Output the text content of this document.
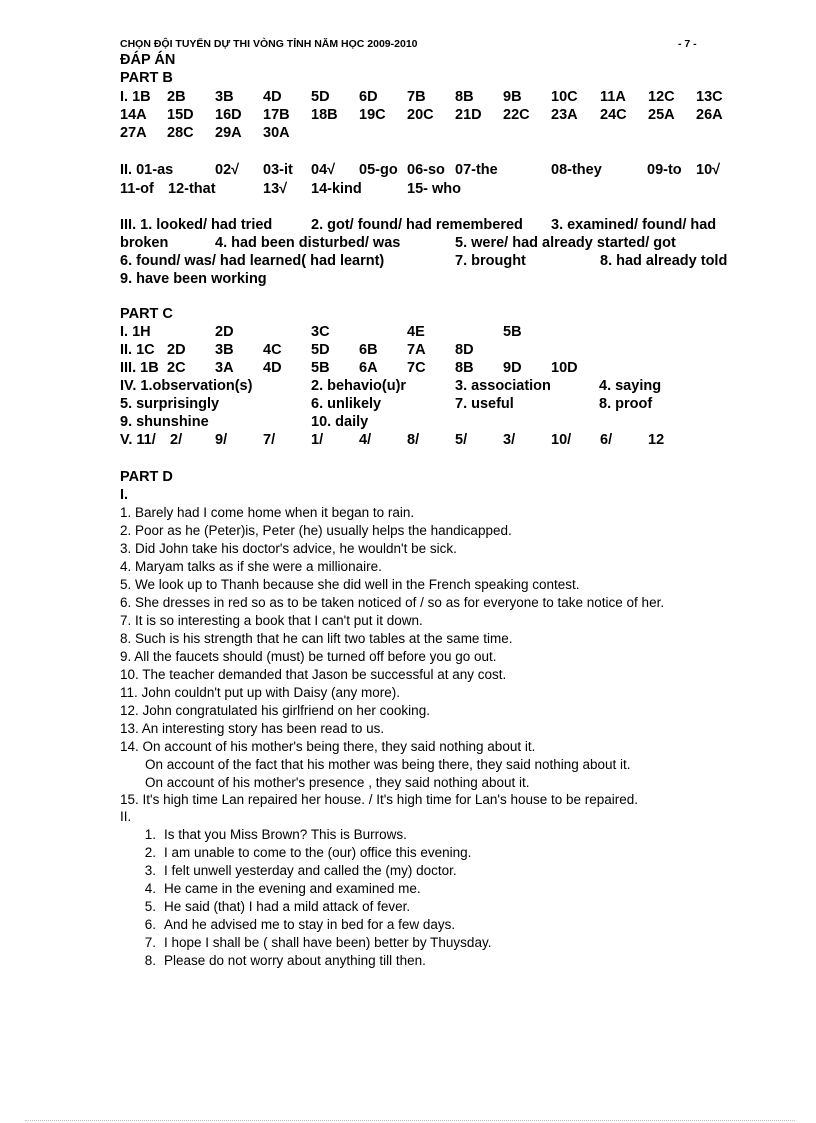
CHỌN ĐỘI TUYỂN DỰ THI VÒNG TỈNH NĂM HỌC 2009-2010	- 7 -
ĐÁP ÁN
PART B
I. 1B 2B 3B 4D 5D 6D 7B 8B 9B 10C 11A 12C 13C
14A 15D 16D 17B 18B 19C 20C 21D 22C 23A 24C 25A 26A
27A 28C 29A 30A
II. 01-as	02√ 03-it 04√ 05-go 06-so 07-the	08-they	09-to 10√
11-of 12-that	13√ 14-kind	15- who
III. 1. looked/ had tried	2. got/ found/ had remembered 3. examined/ found/ had
broken	4. had been disturbed/ was	5. were/ had already started/ got
6. found/ was/ had learned( had learnt)	7. brought	8. had already told
9. have been working
PART C
I. 1H	2D	3C	4E	5B
II. 1C 2D 3B 4C 5D 6B 7A 8D
III. 1B 2C 3A 4D 5B 6A 7C 8B 9D 10D
IV. 1.observation(s)	2. behavio(u)r	3. association	4. saying
5. surprisingly	6. unlikely	7. useful	8. proof
9. shunshine	10. daily
V. 11/ 2/ 9/ 7/ 1/ 4/ 8/ 5/ 3/ 10/ 6/ 12
PART D
I.
1. Barely had I come home when it began to rain.
2. Poor as he (Peter)is, Peter (he) usually helps the handicapped.
3. Did John take his doctor's advice, he wouldn't be sick.
4. Maryam talks as if she were a millionaire.
5. We look up to Thanh because she did well in the French speaking contest.
6. She dresses in red so as to be taken noticed of / so as for everyone to take notice of her.
7. It is so interesting a book that I can't put it down.
8. Such is his strength that he can lift two tables at the same time.
9. All the faucets should (must) be turned off before you go out.
10. The teacher demanded that Jason be successful at any cost.
11. John couldn't put up with Daisy (any more).
12. John congratulated his girlfriend on her cooking.
13. An interesting story has been read to us.
14. On account of his mother's being there, they said nothing about it.
On account of the fact that his mother was being there, they said nothing about it.
On account of his mother's presence , they said nothing about it.
15. It's high time Lan repaired her house. / It's high time for Lan's house to be repaired.
II.
1. Is that you Miss Brown? This is Burrows.
2. I am unable to come to the (our) office this evening.
3. I felt unwell yesterday and called the (my) doctor.
4. He came in the evening and examined me.
5. He said (that) I had a mild attack of fever.
6. And he advised me to stay in bed for a few days.
7. I hope I shall be ( shall have been) better by Thuysday.
8. Please do not worry about anything till then.
